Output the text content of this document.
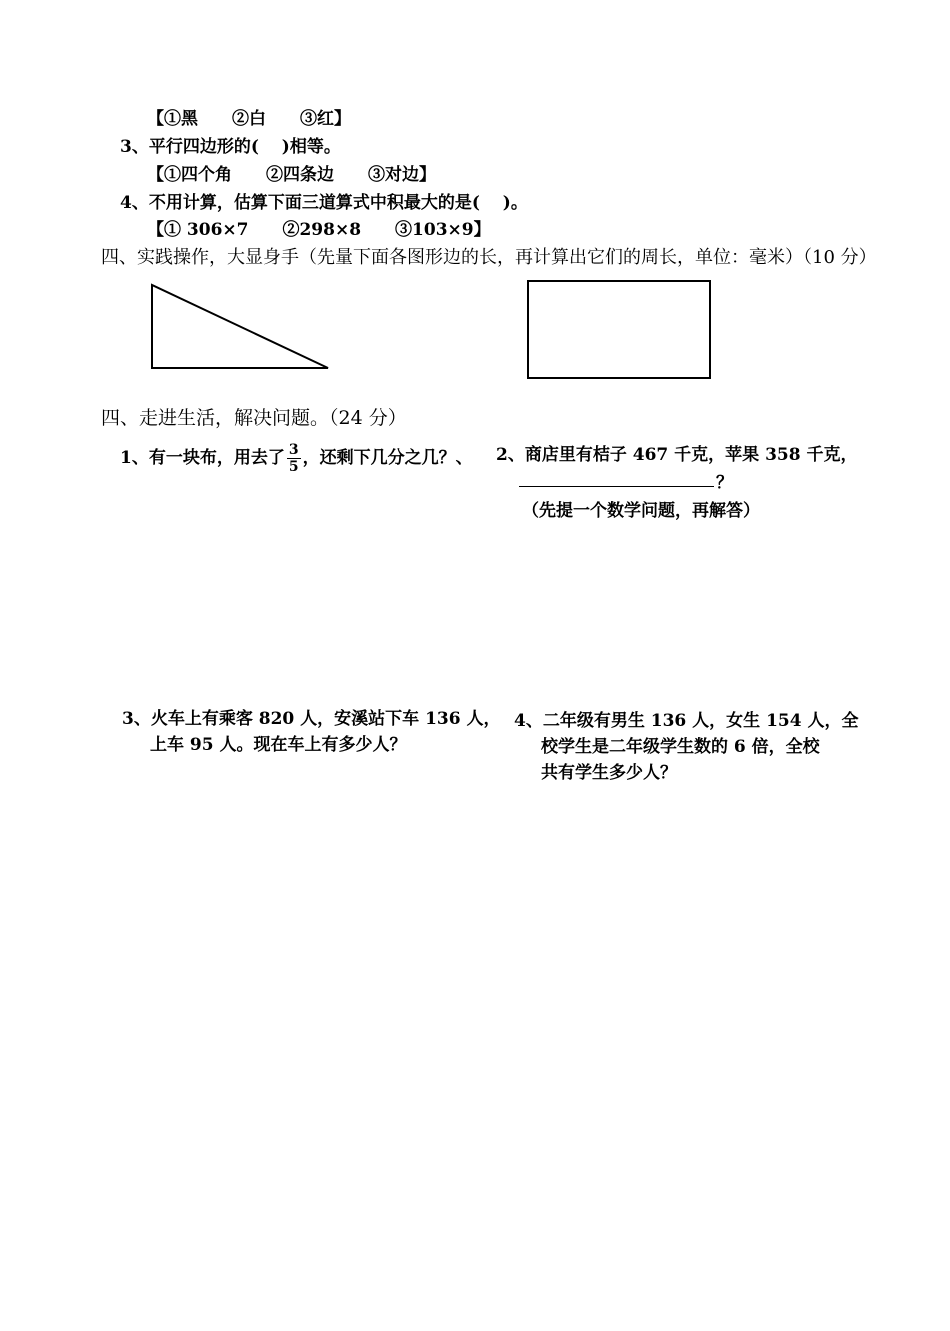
【①黑　　②白　　③红】
3、平行四边形的(　 )相等。
【①四个角　　②四条边　　③对边】
4、不用计算，估算下面三道算式中积最大的是(　 )。
【① 306×7　　②298×8　　③103×9】
四、实践操作，大显身手（先量下面各图形边的长，再计算出它们的周长，单位：毫米）（10 分）
四、走进生活，解决问题。（24 分）
1、有一块布，用去了 $\frac{3}{5}$ ，还剩下几分之几？、 2、商店里有桔子 467 千克，苹果 358 千克，
？
（先提一个数学问题，再解答）
3、火车上有乘客 820 人，安溪站下车 136 人，
上车 95 人。现在车上有多少人？
4、二年级有男生 136 人，女生 154 人，全
校学生是二年级学生数的 6 倍，全校
共有学生多少人？
